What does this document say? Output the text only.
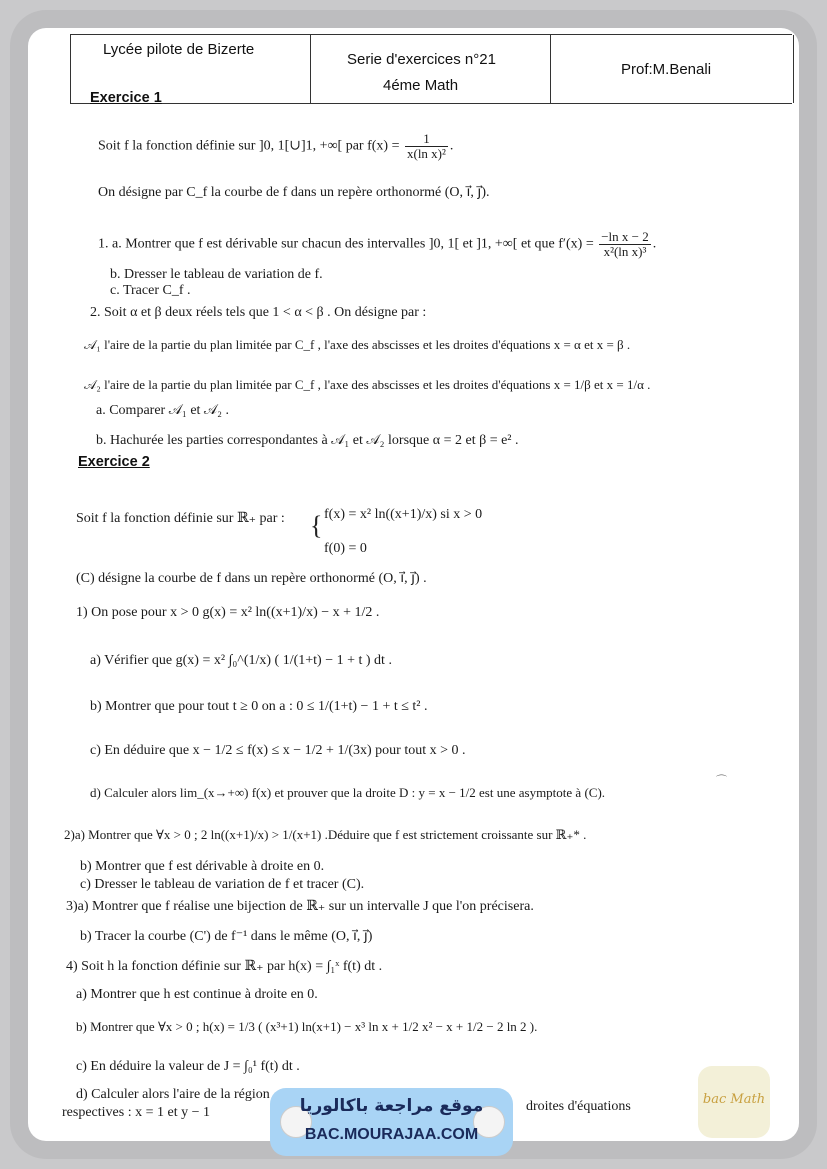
Lycée pilote de Bizerte
Serie d'exercices n°21
4éme Math
Prof:M.Benali
Exercice 1
Soit f la fonction définie sur ]0, 1[∪]1, +∞[ par $f(x) = \frac{1}{\text{x(ln x)²}}$ .
On désigne par C_f la courbe de f dans un repère orthonormé (O, i⃗, j⃗).
1. a. Montrer que f est dérivable sur chacun des intervalles ]0, 1[ et ]1, +∞[ et que $f'(x) = \frac{\text{−ln x − 2}}{\text{x²(ln x)³}}$ .
b. Dresser le tableau de variation de f.
c. Tracer C_f .
2. Soit α et β deux réels tels que 1 < α < β . On désigne par :
𝒜₁ l'aire de la partie du plan limitée par C_f , l'axe des abscisses et les droites d'équations x = α et x = β .
𝒜₂ l'aire de la partie du plan limitée par C_f , l'axe des abscisses et les droites d'équations x = 1/β et x = 1/α .
a. Comparer 𝒜₁ et 𝒜₂ .
b. Hachurée les parties correspondantes à 𝒜₁ et 𝒜₂ lorsque α = 2 et β = e² .
Exercice 2
Soit f la fonction définie sur ℝ₊ par : { f(x) = x² ln((x+1)/x) si x > 0
f(0) = 0
(C) désigne la courbe de f dans un repère orthonormé (O, i⃗, j⃗) .
1) On pose pour x > 0 g(x) = x² ln((x+1)/x) − x + 1/2 .
a) Vérifier que g(x) = x² ∫₀^(1/x) ( 1/(1+t) − 1 + t ) dt .
b) Montrer que pour tout t ≥ 0 on a : 0 ≤ 1/(1+t) − 1 + t ≤ t² .
c) En déduire que x − 1/2 ≤ f(x) ≤ x − 1/2 + 1/(3x) pour tout x > 0 .
d) Calculer alors lim_(x→+∞) f(x) et prouver que la droite D : y = x − 1/2 est une asymptote à (C).
2)a) Montrer que ∀x > 0 ; 2 ln((x+1)/x) > 1/(x+1) .Déduire que f est strictement croissante sur ℝ₊* .
b) Montrer que f est dérivable à droite en 0.
c) Dresser le tableau de variation de f et tracer (C).
3)a) Montrer que f réalise une bijection de ℝ₊ sur un intervalle J que l'on précisera.
b) Tracer la courbe (C') de f⁻¹ dans le même (O, i⃗, j⃗)
4) Soit h la fonction définie sur ℝ₊ par h(x) = ∫₁ˣ f(t) dt .
a) Montrer que h est continue à droite en 0.
b) Montrer que ∀x > 0 ; h(x) = 1/3 ( (x³+1) ln(x+1) − x³ ln x + 1/2 x² − x + 1/2 − 2 ln 2 ).
c) En déduire la valeur de J = ∫₀¹ f(t) dt .
d) Calculer alors l'aire de la région
droites d'équations
respectives : x = 1 et y − 1
⌒
موقع مراجعة باكالوريا
BAC.MOURAJAA.COM
bac Math
